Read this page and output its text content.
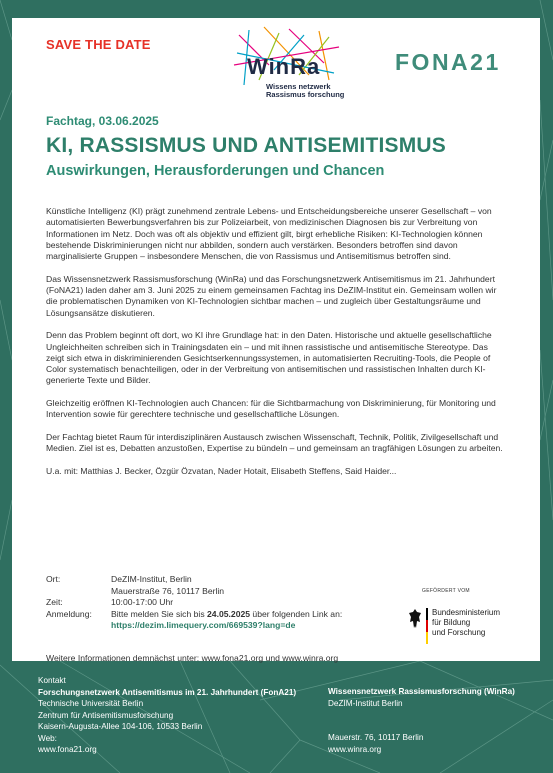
SAVE THE DATE
WinRa
Wissens netzwerk
Rassismus forschung
FONA21
Fachtag, 03.06.2025
KI, RASSISMUS UND ANTISEMITISMUS
Auswirkungen, Herausforderungen und Chancen

Künstliche Intelligenz (KI) prägt zunehmend zentrale Lebens- und Entscheidungsbereiche unserer Gesellschaft – von automatisierten Bewerbungsverfahren bis zur Polizeiarbeit, von medizinischen Diagnosen bis zur Verbreitung von Informationen im Netz. Doch was oft als objektiv und effizient gilt, birgt erhebliche Risiken: KI-Technologien können bestehende Diskriminierungen nicht nur abbilden, sondern auch verstärken. Besonders betroffen sind davon marginalisierte Gruppen – insbesondere Menschen, die von Rassismus und Antisemitismus betroffen sind.

Das Wissensnetzwerk Rassismusforschung (WinRa) und das Forschungsnetzwerk Antisemitismus im 21. Jahrhundert (FoNA21) laden daher am 3. Juni 2025 zu einem gemeinsamen Fachtag ins DeZIM-Institut ein. Gemeinsam wollen wir die problematischen Dynamiken von KI-Technologien sichtbar machen – und zugleich über Gestaltungsräume und Lösungsansätze diskutieren.

Denn das Problem beginnt oft dort, wo KI ihre Grundlage hat: in den Daten. Historische und aktuelle gesellschaftliche Ungleichheiten schreiben sich in Trainingsdaten ein – und mit ihnen rassistische und antisemitische Stereotype. Das zeigt sich etwa in diskriminierenden Gesichtserkennungssystemen, in automatisierten Recruiting-Tools, die People of Color systematisch benachteiligen, oder in der Verbreitung von antisemitischen und rassistischen Inhalten durch KI-generierte Texte und Bilder.

Gleichzeitig eröffnen KI-Technologien auch Chancen: für die Sichtbarmachung von Diskriminierung, für Monitoring und Intervention sowie für gerechtere technische und gesellschaftliche Lösungen.

Der Fachtag bietet Raum für interdisziplinären Austausch zwischen Wissenschaft, Technik, Politik, Zivilgesellschaft und Medien. Ziel ist es, Debatten anzustoßen, Expertise zu bündeln – und gemeinsam an tragfähigen Lösungen zu arbeiten.

U.a. mit: Matthias J. Becker, Özgür Özvatan, Nader Hotait, Elisabeth Steffens, Said Haider...

Ort:	DeZIM-Institut, Berlin
Mauerstraße 76, 10117 Berlin
Zeit:	10:00-17:00 Uhr
Anmeldung:	Bitte melden Sie sich bis 24.05.2025 über folgenden Link an:
https://dezim.limequery.com/669539?lang=de
GEFÖRDERT VOM
Bundesministerium
für Bildung
und Forschung
Weitere Informationen demnächst unter: www.fona21.org und www.winra.org
Kontakt
Forschungsnetzwerk Antisemitismus im 21. Jahrhundert (FonA21)
Technische Universität Berlin
Zentrum für Antisemitismusforschung
Kaisern-Augusta-Allee 104-106, 10533 Berlin
Web:
www.fona21.org
Wissensnetzwerk Rassismusforschung (WinRa)
DeZIM-Institut Berlin
Mauerstr. 76, 10117 Berlin
www.winra.org
